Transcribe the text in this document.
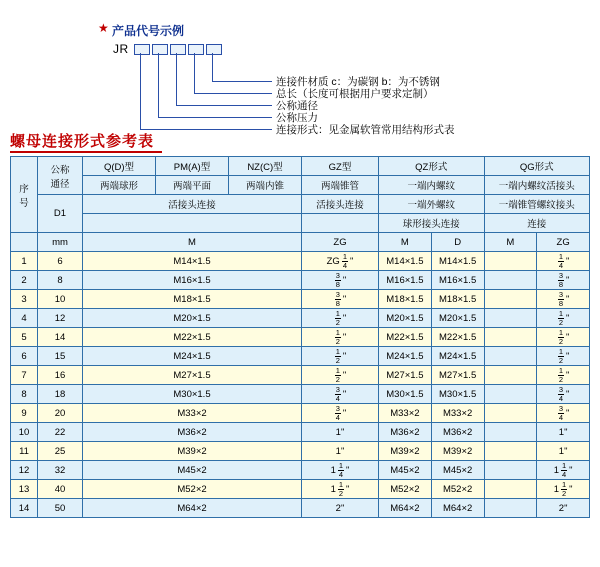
★ 产品代号示例
JR
连接件材质 c：为碳钢 b：为不锈钢
总长（长度可根据用户要求定制）
公称通径
公称压力
连接形式：见金属软管常用结构形式表
螺母连接形式参考表
序
号

公称
通径
	Q(D)型	PM(A)型	NZ(C)型	GZ型	QZ形式	QG形式
		两端球形	两端平面	两端内锥	两端锥管	一端内螺纹		一端内螺纹活接头	
	D1	活接头连接			活接头连接	一端外螺纹		一端锥管螺纹接头	
						球形接头连接		连接	
	mm	M			ZG	M	D	M	ZG
1	6	M14×1.5			ZG $\frac{1}{4}$ "	M14×1.5	M14×1.5		$\frac{1}{4}$ "

2	8	M16×1.5			$\frac{3}{8}$ "	M16×1.5	M16×1.5		$\frac{3}{8}$ "

3	10	M18×1.5			$\frac{3}{8}$ "	M18×1.5	M18×1.5		$\frac{3}{8}$ "

4	12	M20×1.5			$\frac{1}{2}$ "	M20×1.5	M20×1.5		$\frac{1}{2}$ "

5	14	M22×1.5			$\frac{1}{2}$ "	M22×1.5	M22×1.5		$\frac{1}{2}$ "

6	15	M24×1.5			$\frac{1}{2}$ "	M24×1.5	M24×1.5		$\frac{1}{2}$ "

7	16	M27×1.5			$\frac{1}{2}$ "	M27×1.5	M27×1.5		$\frac{1}{2}$ "

8	18	M30×1.5			$\frac{3}{4}$ "	M30×1.5	M30×1.5		$\frac{3}{4}$ "

9	20	M33×2			$\frac{3}{4}$ "	M33×2	M33×2		$\frac{3}{4}$ "

10	22	M36×2			1"	M36×2	M36×2		1"

11	25	M39×2			1"	M39×2	M39×2		1"

12	32	M45×2			$1 \frac{1}{4}$ "	M45×2	M45×2		$1 \frac{1}{4}$ "

13	40	M52×2			$1 \frac{1}{2}$ "	M52×2	M52×2		$1 \frac{1}{2}$ "

14	50	M64×2			2"	M64×2	M64×2		2"
